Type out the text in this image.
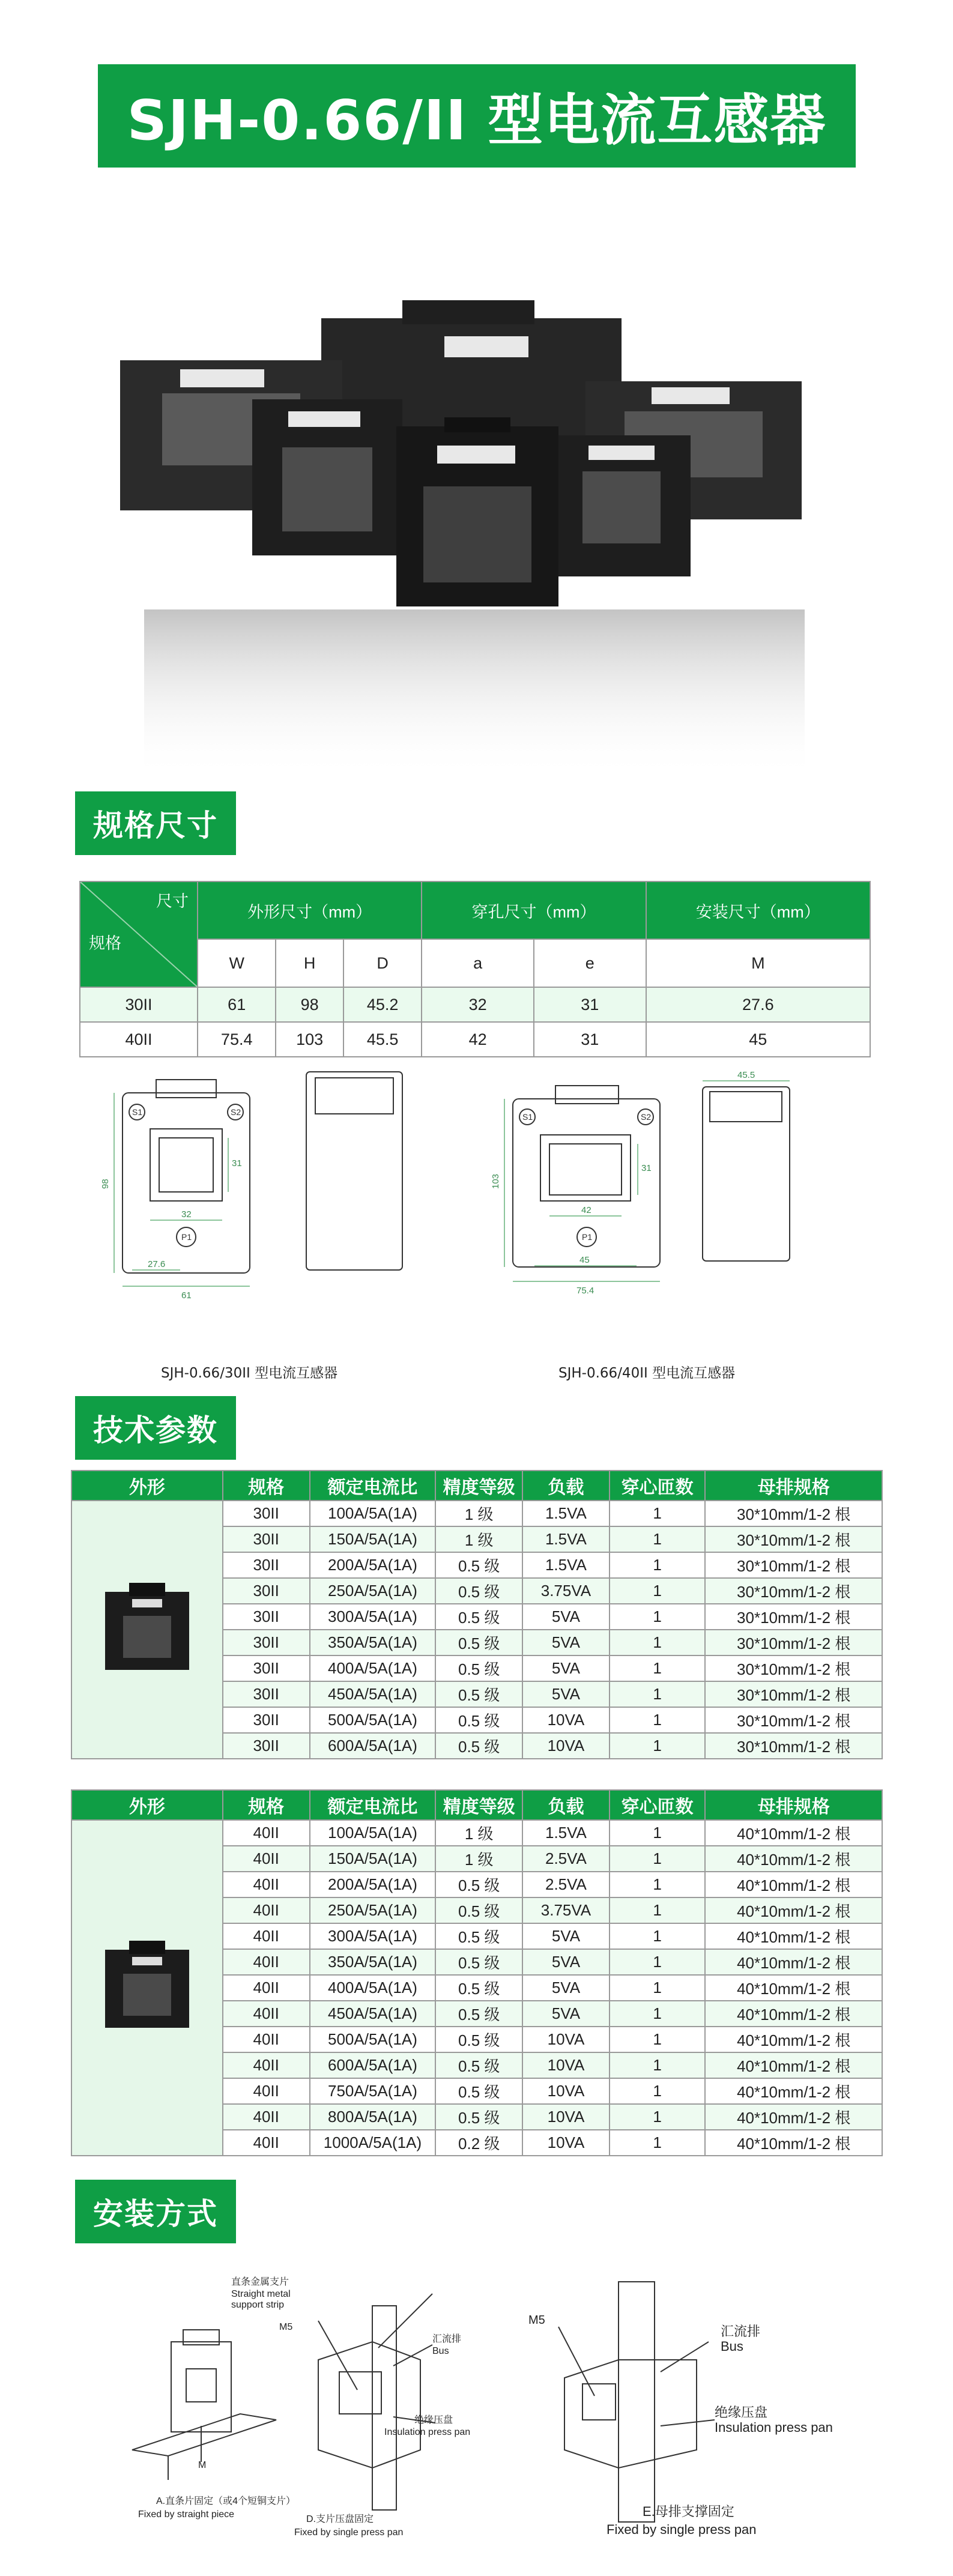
SJH-0.66/II 型电流互感器
规格尺寸
尺寸
规格	外形尺寸（mm）			穿孔尺寸（mm）		安装尺寸（mm）
	W	H	D	a	e	M
30II	61	98	45.2	32	31	27.6
40II	75.4	103	45.5	42	31	45
98
32
27.6
61
31
S1	S2
P1
SJH-0.66/30II 型电流互感器
103
42
45
75.4
31
45.5
S1	S2
P1
SJH-0.66/40II 型电流互感器
技术参数
外形	规格	额定电流比	精度等级	负载	穿心匝数	母排规格
	30II	100A/5A(1A)	1 级	1.5VA	1	30*10mm/1-2 根
	30II	150A/5A(1A)	1 级	1.5VA	1	30*10mm/1-2 根
	30II	200A/5A(1A)	0.5 级	1.5VA	1	30*10mm/1-2 根
	30II	250A/5A(1A)	0.5 级	3.75VA	1	30*10mm/1-2 根
	30II	300A/5A(1A)	0.5 级	5VA	1	30*10mm/1-2 根
	30II	350A/5A(1A)	0.5 级	5VA	1	30*10mm/1-2 根
	30II	400A/5A(1A)	0.5 级	5VA	1	30*10mm/1-2 根
	30II	450A/5A(1A)	0.5 级	5VA	1	30*10mm/1-2 根
	30II	500A/5A(1A)	0.5 级	10VA	1	30*10mm/1-2 根
	30II	600A/5A(1A)	0.5 级	10VA	1	30*10mm/1-2 根
外形	规格	额定电流比	精度等级	负载	穿心匝数	母排规格
	40II	100A/5A(1A)	1 级	1.5VA	1	40*10mm/1-2 根
	40II	150A/5A(1A)	1 级	2.5VA	1	40*10mm/1-2 根
	40II	200A/5A(1A)	0.5 级	2.5VA	1	40*10mm/1-2 根
	40II	250A/5A(1A)	0.5 级	3.75VA	1	40*10mm/1-2 根
	40II	300A/5A(1A)	0.5 级	5VA	1	40*10mm/1-2 根
	40II	350A/5A(1A)	0.5 级	5VA	1	40*10mm/1-2 根
	40II	400A/5A(1A)	0.5 级	5VA	1	40*10mm/1-2 根
	40II	450A/5A(1A)	0.5 级	5VA	1	40*10mm/1-2 根
	40II	500A/5A(1A)	0.5 级	10VA	1	40*10mm/1-2 根
	40II	600A/5A(1A)	0.5 级	10VA	1	40*10mm/1-2 根
	40II	750A/5A(1A)	0.5 级	10VA	1	40*10mm/1-2 根
	40II	800A/5A(1A)	0.5 级	10VA	1	40*10mm/1-2 根
	40II	1000A/5A(1A)	0.2 级	10VA	1	40*10mm/1-2 根
安装方式
直条金属支片
Straight metal
support strip
M5
汇流排
Bus
绝缘压盘
Insulation press pan
M
A.直条片固定（或4个短铜支片）
Fixed by straight piece	D.支片压盘固定
Fixed by single press pan
M5
汇流排
Bus
绝缘压盘
Insulation press pan
E.母排支撑固定
Fixed by single press pan
